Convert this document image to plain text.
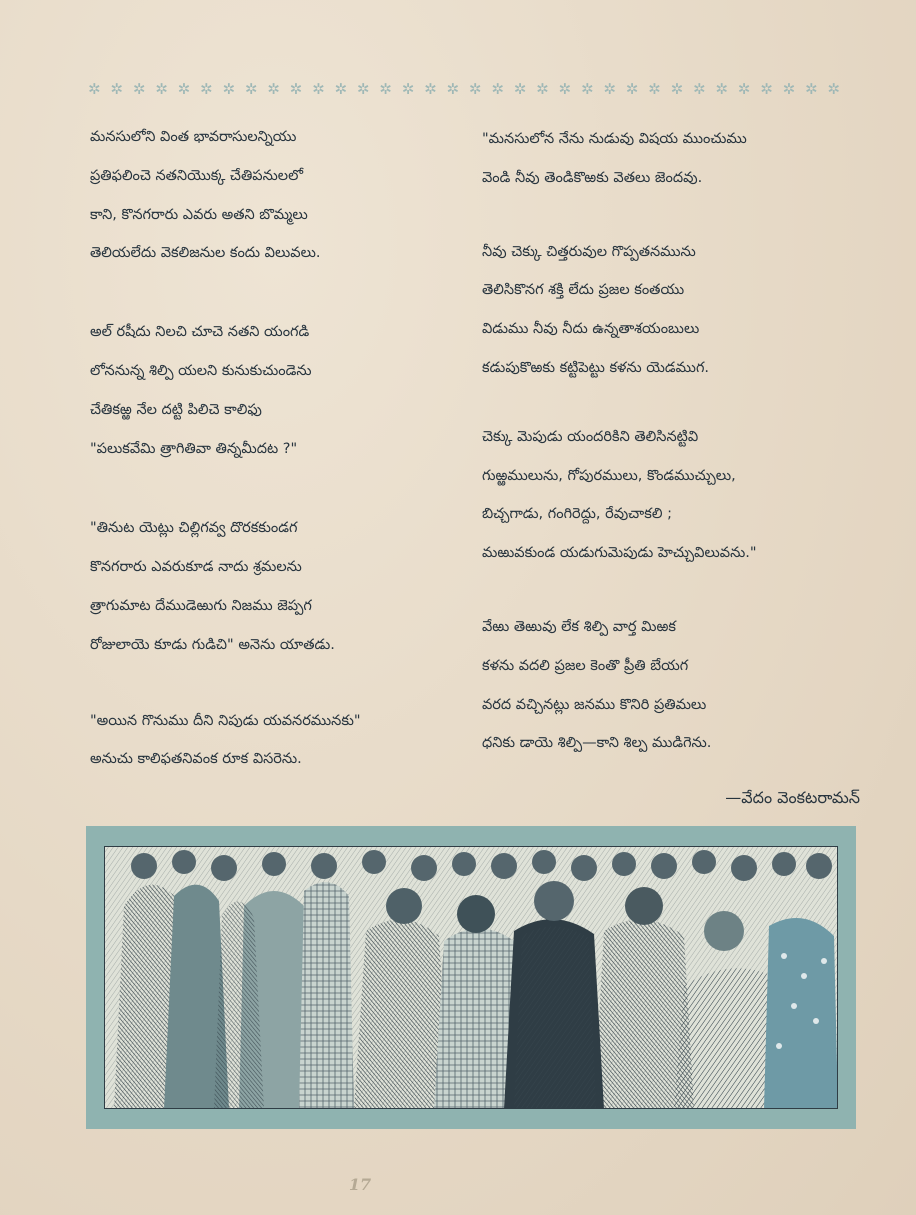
✲ ✲ ✲ ✲ ✲ ✲ ✲ ✲ ✲ ✲ ✲ ✲ ✲ ✲ ✲ ✲ ✲ ✲ ✲ ✲ ✲ ✲ ✲ ✲ ✲ ✲ ✲ ✲ ✲ ✲ ✲ ✲ ✲ ✲

మనసులోని వింత భావరాసులన్నియు

ప్రతిఫలించె నతనియొక్క చేతిపనులలో

కాని, కొనగరారు ఎవరు అతని బొమ్మలు

తెలియలేదు వెకలిజనుల కందు విలువలు.

అల్ రషీదు నిలచి చూచె నతని యంగడి

లోననున్న శిల్పి యలని కునుకుచుండెను

చేతికఱ్ఱ నేల దట్టి పిలిచె కాలిఫు

"పలుకవేమి త్రాగితివా తిన్నమీదట ?"

"తినుట యెట్లు చిల్లిగవ్వ దొరకకుండగ

కొనగరారు ఎవరుకూడ నాదు శ్రమలను

త్రాగుమాట దేముడెఱుగు నిజము జెప్పగ

రోజులాయె కూడు గుడిచి" అనెను యాతడు.

"అయిన గొనుము దీని నిపుడు యవనరమునకు"

అనుచు కాలిఫతనివంక రూక విసరెను.

"మనసులోన నేను నుడువు విషయ ముంచుము

వెండి నీవు తెండికొఱకు వెతలు జెందవు.

నీవు చెక్కు చిత్తరువుల గొప్పతనమును

తెలిసికొనగ శక్తి లేదు ప్రజల కంతయు

విడుము నీవు నీదు ఉన్నతాశయంబులు

కడుపుకొఱకు కట్టిపెట్టు కళను యెడముగ.

చెక్కు మెపుడు యందరికిని తెలిసినట్టివి

గుఱ్ఱములును, గోపురములు, కొండముచ్చులు,

బిచ్చగాడు, గంగిరెద్దు, రేవుచాకలి ;

మఱువకుండ యడుగుమెపుడు హెచ్చువిలువను."

వేఱు తెఱువు లేక శిల్పి వార్త మిఱక

కళను వదలి ప్రజల కెంతొ ప్రీతి బేయగ

వరద వచ్చినట్లు జనము కొనిరి ప్రతిమలు

ధనికు డాయె శిల్పి—కాని శిల్ప ముడిగెను.

—వేదం వెంకటరామన్
17
